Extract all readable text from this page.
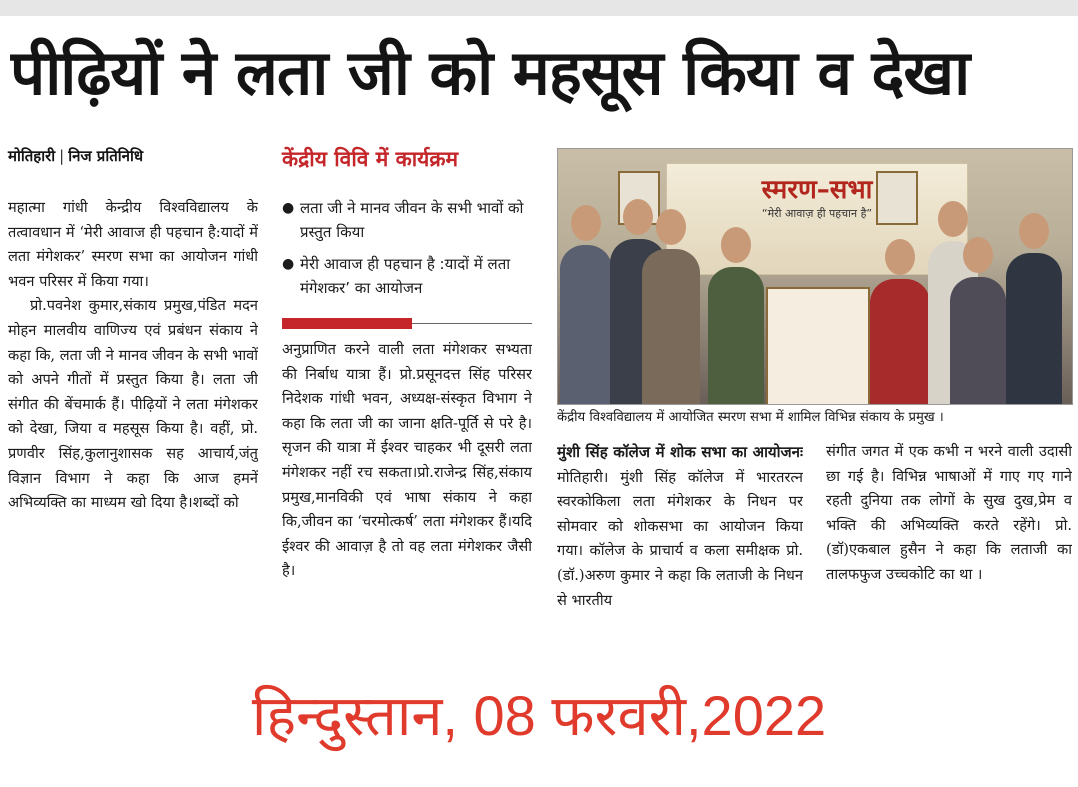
पीढ़ियों ने लता जी को महसूस किया व देखा
मोतिहारी | निज प्रतिनिधि

महात्मा गांधी केन्द्रीय विश्वविद्यालय के तत्वावधान में ‘मेरी आवाज ही पहचान है:यादों में लता मंगेशकर’ स्मरण सभा का आयोजन गांधी भवन परिसर में किया गया।

प्रो.पवनेश कुमार,संकाय प्रमुख,पंडित मदन मोहन मालवीय वाणिज्य एवं प्रबंधन संकाय ने कहा कि, लता जी ने मानव जीवन के सभी भावों को अपने गीतों में प्रस्तुत किया है। लता जी संगीत की बेंचमार्क हैं। पीढ़ियों ने लता मंगेशकर को देखा, जिया व महसूस किया है। वहीं, प्रो. प्रणवीर सिंह,कुलानुशासक सह आचार्य,जंतु विज्ञान विभाग ने कहा कि आज हमनें अभिव्यक्ति का माध्यम खो दिया है।शब्दों को

केंद्रीय विवि में कार्यक्रम
● लता जी ने मानव जीवन के सभी भावों को प्रस्तुत किया
● मेरी आवाज ही पहचान है :यादों में लता मंगेशकर’ का आयोजन

अनुप्राणित करने वाली लता मंगेशकर सभ्यता की निर्बाध यात्रा हैं। प्रो.प्रसूनदत्त सिंह परिसर निदेशक गांधी भवन, अध्यक्ष-संस्कृत विभाग ने कहा कि लता जी का जाना क्षति-पूर्ति से परे है। सृजन की यात्रा में ईश्वर चाहकर भी दूसरी लता मंगेशकर नहीं रच सकता।प्रो.राजेन्द्र सिंह,संकाय प्रमुख,मानविकी एवं भाषा संकाय ने कहा कि,जीवन का ‘चरमोत्कर्ष’ लता मंगेशकर हैं।यदि ईश्वर की आवाज़ है तो वह लता मंगेशकर जैसी है।

स्मरण–सभा
“मेरी आवाज़ ही पहचान है”
केंद्रीय विश्वविद्यालय में आयोजित स्मरण सभा में शामिल विभिन्न संकाय के प्रमुख ।

मुंशी सिंह कॉलेज में शोक सभा का आयोजनः मोतिहारी। मुंशी सिंह कॉलेज में भारतरत्न स्वरकोकिला लता मंगेशकर के निधन पर सोमवार को शोकसभा का आयोजन किया गया। कॉलेज के प्राचार्य व कला समीक्षक प्रो.(डॉ.)अरुण कुमार ने कहा कि लताजी के निधन से भारतीय

संगीत जगत में एक कभी न भरने वाली उदासी छा गई है। विभिन्न भाषाओं में गाए गए गाने रहती दुनिया तक लोगों के सुख दुख,प्रेम व भक्ति की अभिव्यक्ति करते रहेंगे। प्रो.(डॉ)एकबाल हुसैन ने कहा कि लताजी का तालफफुज उच्चकोटि का था ।

हिन्दुस्तान, 08 फरवरी,2022
